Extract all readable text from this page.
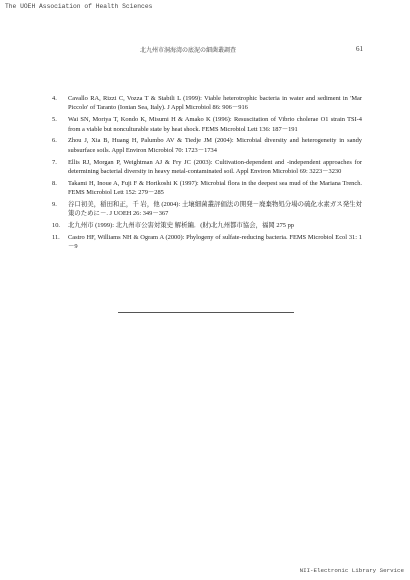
The UOEH Association of Health Sciences
北九州市洞海湾の底泥の細菌叢調査	61
4. Cavallo RA, Rizzi C, Vozza T & Stabili L (1999): Viable heterotrophic bacteria in water and sediment in 'Mar Piccolo' of Taranto (Ionian Sea, Italy). J Appl Microbiol 86: 906－916
5. Wai SN, Moriya T, Kondo K, Misumi H & Amako K (1996): Resuscitation of Vibrio cholerae O1 strain TSI-4 from a viable but nonculturable state by heat shock. FEMS Microbiol Lett 136: 187－191
6. Zhou J, Xia B, Huang H, Palumbo AV & Tiedje JM (2004): Microbial diversity and heterogeneity in sandy subsurface soils. Appl Environ Microbiol 70: 1723－1734
7. Ellis RJ, Morgan P, Weightman AJ & Fry JC (2003): Cultivation-dependent and -independent approaches for determining bacterial diversity in heavy metal-contaminated soil. Appl Environ Microbiol 69: 3223－3230
8. Takami H, Inoue A, Fuji F & Horikoshi K (1997): Microbial flora in the deepest sea mud of the Mariana Trench. FEMS Microbiol Lett 152: 279－285
9. 谷口初美，稲田和正，千 岩，他 (2004): 土壌細菌叢評価法の開発－廃棄物処分場の硫化水素ガス発生対策のために－. J UOEH 26: 349－367
10. 北九州市 (1999): 北九州市公害対策史 解析編．(財)北九州都市協会，福岡 275 pp
11. Castro HF, Williams NH & Ogram A (2000): Phylogeny of sulfate-reducing bacteria. FEMS Microbiol Ecol 31: 1－9
NII-Electronic Library Service
